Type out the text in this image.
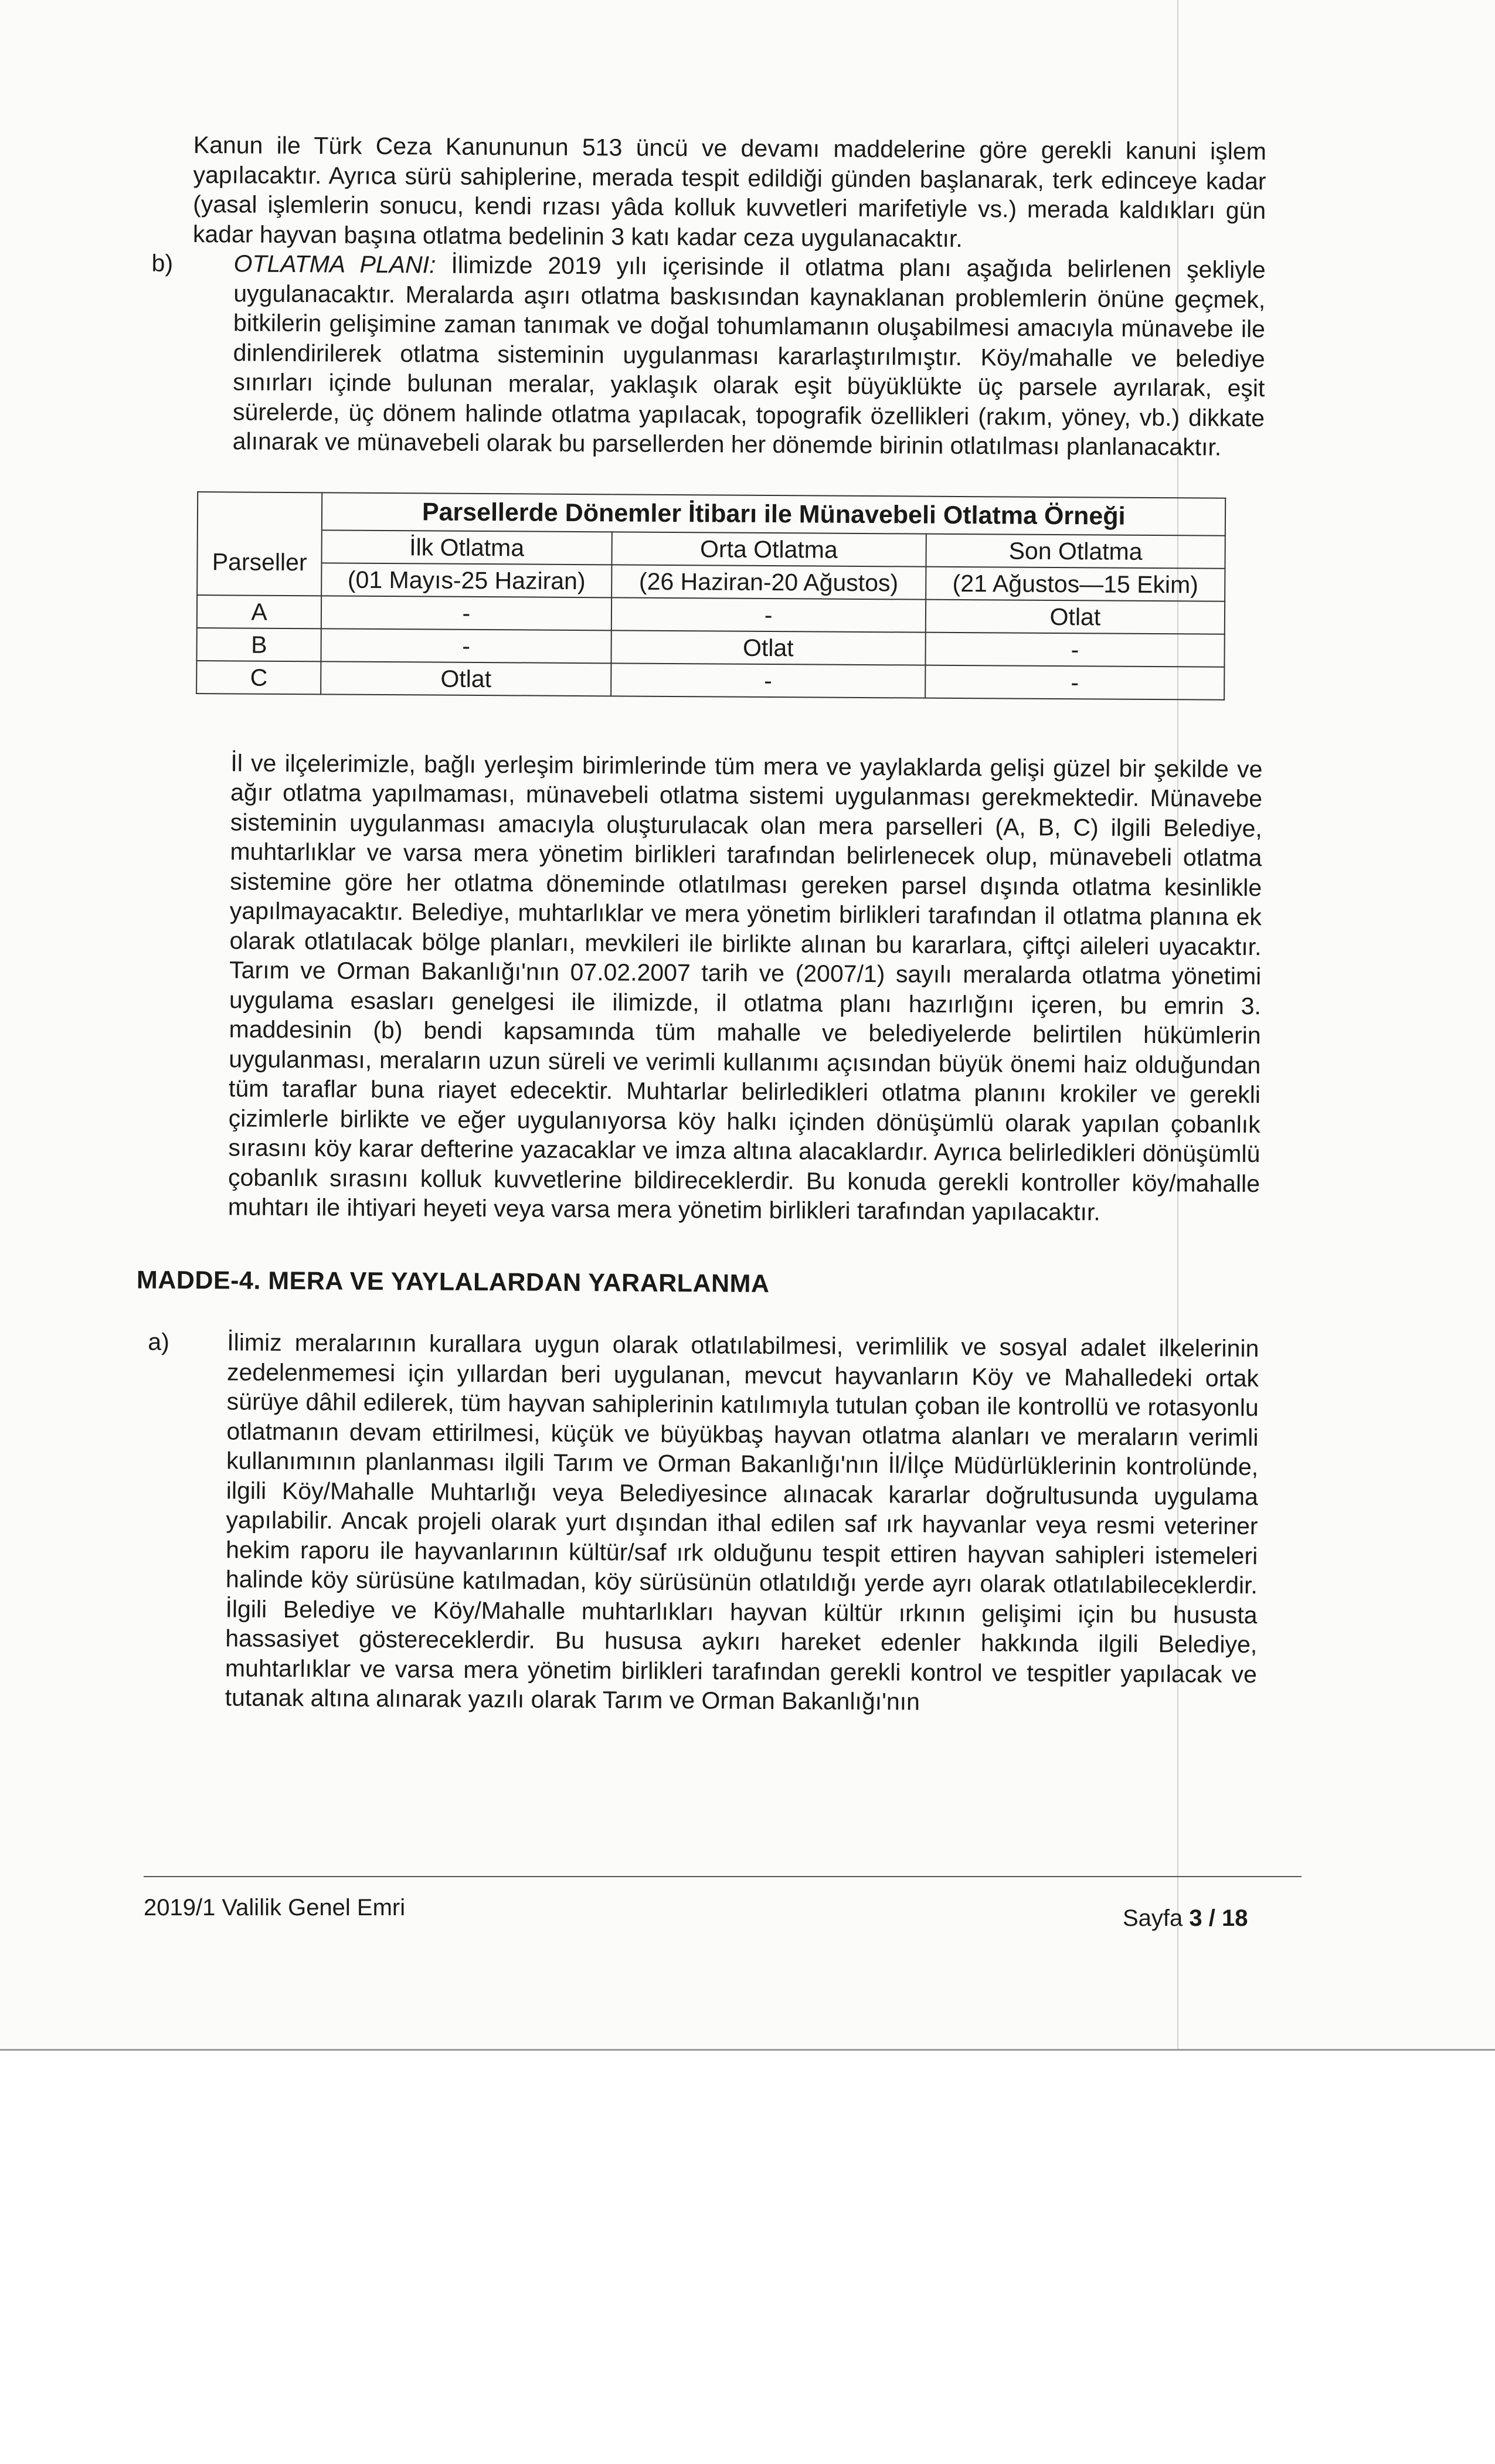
Kanun ile Türk Ceza Kanununun 513 üncü ve devamı maddelerine göre gerekli kanuni işlem yapılacaktır. Ayrıca sürü sahiplerine, merada tespit edildiği günden başlanarak, terk edinceye kadar (yasal işlemlerin sonucu, kendi rızası yâda kolluk kuvvetleri marifetiyle vs.) merada kaldıkları gün kadar hayvan başına otlatma bedelinin 3 katı kadar ceza uygulanacaktır.

b)	OTLATMA PLANI: İlimizde 2019 yılı içerisinde il otlatma planı aşağıda belirlenen şekliyle uygulanacaktır. Meralarda aşırı otlatma baskısından kaynaklanan problemlerin önüne geçmek, bitkilerin gelişimine zaman tanımak ve doğal tohumlamanın oluşabilmesi amacıyla münavebe ile dinlendirilerek otlatma sisteminin uygulanması kararlaştırılmıştır. Köy/mahalle ve belediye sınırları içinde bulunan meralar, yaklaşık olarak eşit büyüklükte üç parsele ayrılarak, eşit sürelerde, üç dönem halinde otlatma yapılacak, topografik özellikleri (rakım, yöney, vb.) dikkate alınarak ve münavebeli olarak bu parsellerden her dönemde birinin otlatılması planlanacaktır.

	Parsellerde Dönemler İtibarı ile Münavebeli Otlatma Örneği		
Parseller	İlk Otlatma	Orta Otlatma	Son Otlatma
	(01 Mayıs-25 Haziran)	(26 Haziran-20 Ağustos)	(21 Ağustos—15 Ekim)
A	-	-	Otlat
B	-	Otlat	-
C	Otlat	-	-

İl ve ilçelerimizle, bağlı yerleşim birimlerinde tüm mera ve yaylaklarda gelişi güzel bir şekilde ve ağır otlatma yapılmaması, münavebeli otlatma sistemi uygulanması gerekmektedir. Münavebe sisteminin uygulanması amacıyla oluşturulacak olan mera parselleri (A, B, C) ilgili Belediye, muhtarlıklar ve varsa mera yönetim birlikleri tarafından belirlenecek olup, münavebeli otlatma sistemine göre her otlatma döneminde otlatılması gereken parsel dışında otlatma kesinlikle yapılmayacaktır. Belediye, muhtarlıklar ve mera yönetim birlikleri tarafından il otlatma planına ek olarak otlatılacak bölge planları, mevkileri ile birlikte alınan bu kararlara, çiftçi aileleri uyacaktır. Tarım ve Orman Bakanlığı'nın 07.02.2007 tarih ve (2007/1) sayılı meralarda otlatma yönetimi uygulama esasları genelgesi ile ilimizde, il otlatma planı hazırlığını içeren, bu emrin 3. maddesinin (b) bendi kapsamında tüm mahalle ve belediyelerde belirtilen hükümlerin uygulanması, meraların uzun süreli ve verimli kullanımı açısından büyük önemi haiz olduğundan tüm taraflar buna riayet edecektir. Muhtarlar belirledikleri otlatma planını krokiler ve gerekli çizimlerle birlikte ve eğer uygulanıyorsa köy halkı içinden dönüşümlü olarak yapılan çobanlık sırasını köy karar defterine yazacaklar ve imza altına alacaklardır. Ayrıca belirledikleri dönüşümlü çobanlık sırasını kolluk kuvvetlerine bildireceklerdir. Bu konuda gerekli kontroller köy/mahalle muhtarı ile ihtiyari heyeti veya varsa mera yönetim birlikleri tarafından yapılacaktır.

MADDE-4. MERA VE YAYLALARDAN YARARLANMA
a) İlimiz meralarının kurallara uygun olarak otlatılabilmesi, verimlilik ve sosyal adalet ilkelerinin zedelenmemesi için yıllardan beri uygulanan, mevcut hayvanların Köy ve Mahalledeki ortak sürüye dâhil edilerek, tüm hayvan sahiplerinin katılımıyla tutulan çoban ile kontrollü ve rotasyonlu otlatmanın devam ettirilmesi, küçük ve büyükbaş hayvan otlatma alanları ve meraların verimli kullanımının planlanması ilgili Tarım ve Orman Bakanlığı'nın İl/İlçe Müdürlüklerinin kontrolünde, ilgili Köy/Mahalle Muhtarlığı veya Belediyesince alınacak kararlar doğrultusunda uygulama yapılabilir. Ancak projeli olarak yurt dışından ithal edilen saf ırk hayvanlar veya resmi veteriner hekim raporu ile hayvanlarının kültür/saf ırk olduğunu tespit ettiren hayvan sahipleri istemeleri halinde köy sürüsüne katılmadan, köy sürüsünün otlatıldığı yerde ayrı olarak otlatılabileceklerdir. İlgili Belediye ve Köy/Mahalle muhtarlıkları hayvan kültür ırkının gelişimi için bu hususta hassasiyet göstereceklerdir. Bu hususa aykırı hareket edenler hakkında ilgili Belediye, muhtarlıklar ve varsa mera yönetim birlikleri tarafından gerekli kontrol ve tespitler yapılacak ve tutanak altına alınarak yazılı olarak Tarım ve Orman Bakanlığı'nın

2019/1 Valilik Genel Emri	Sayfa 3 / 18
